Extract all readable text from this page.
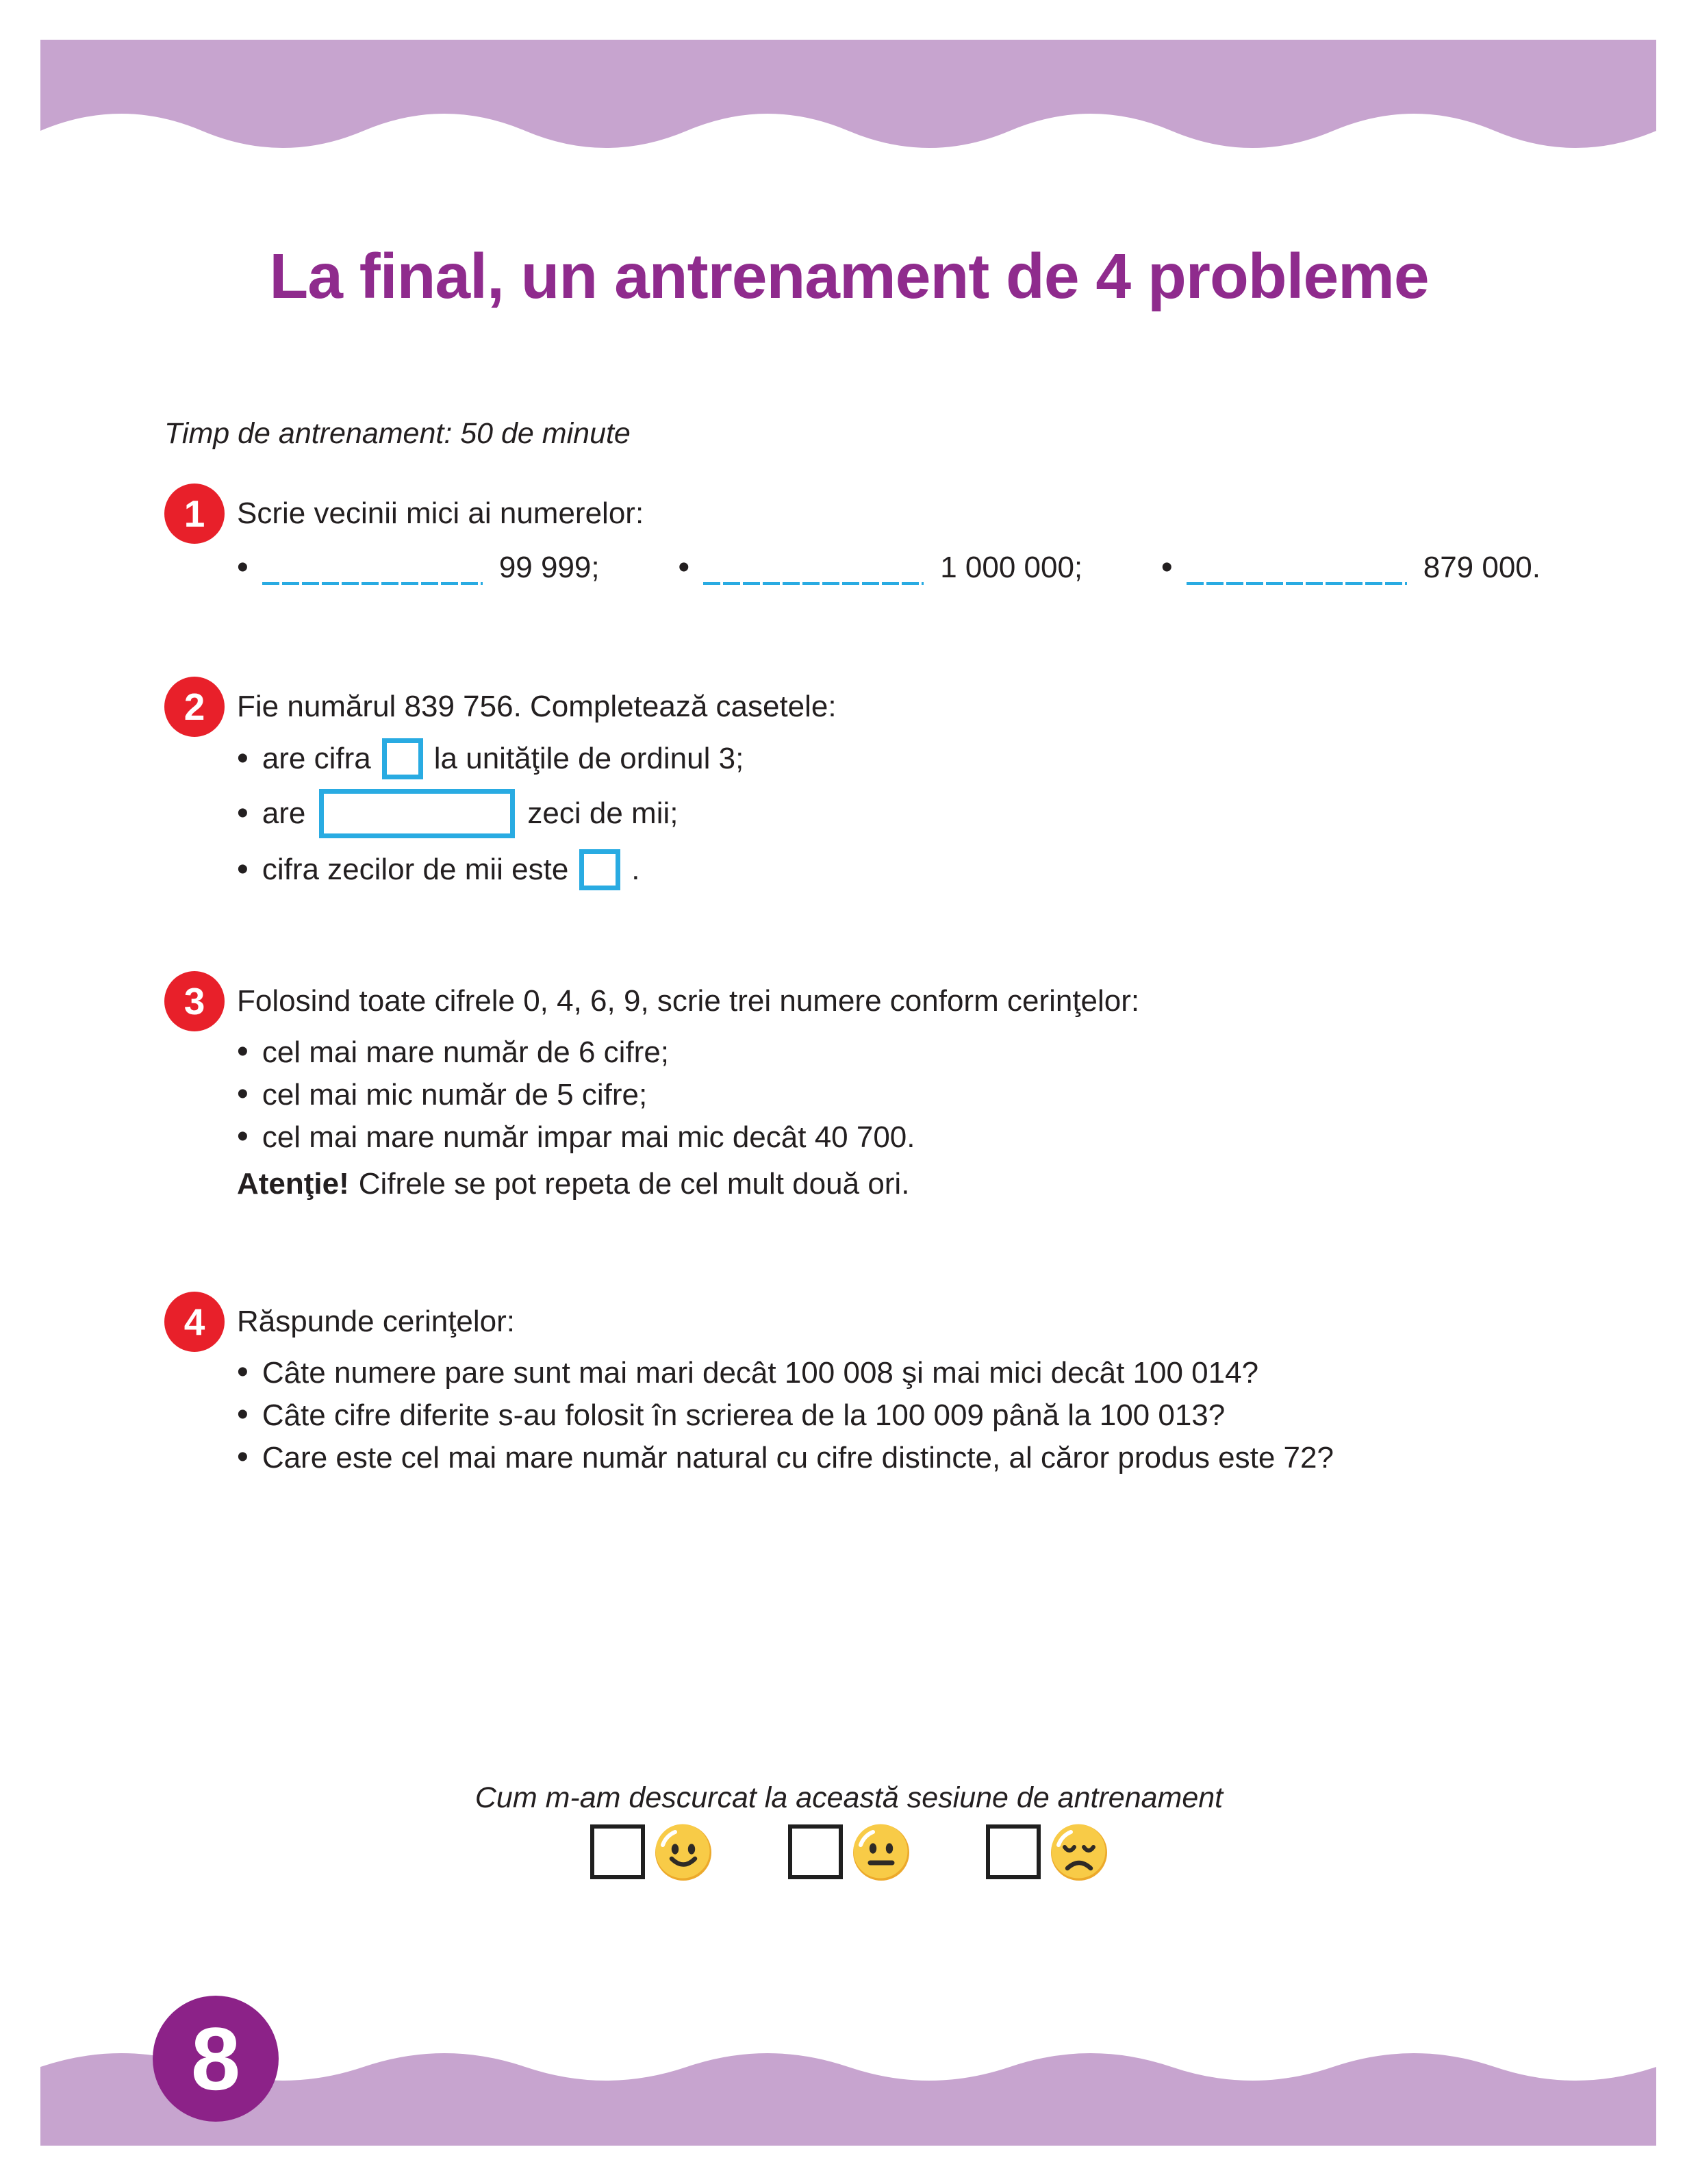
La final, un antrenament de 4 probleme

Timp de antrenament: 50 de minute

1 Scrie vecinii mici ai numerelor:

•
99 999; •	1 000 000; •	879 000.
2 Fie numărul 839 756. Completează casetele:

•
are cifra la unităţile de ordinul 3;
•
are	zeci de mii;
•
cifra zecilor de mii este .
3 Folosind toate cifrele 0, 4, 6, 9, scrie trei numere conform cerinţelor:

•
cel mai mare număr de 6 cifre;

•
cel mai mic număr de 5 cifre;

•
cel mai mare număr impar mai mic decât 40 700.

Atenţie! Cifrele se pot repeta de cel mult două ori.

4 Răspunde cerinţelor:

•
Câte numere pare sunt mai mari decât 100 008 şi mai mici decât 100 014?

•
Câte cifre diferite s-au folosit în scrierea de la 100 009 până la 100 013?

•
Care este cel mai mare număr natural cu cifre distincte, al căror produs este 72?

Cum m-am descurcat la această sesiune de antrenament

8
